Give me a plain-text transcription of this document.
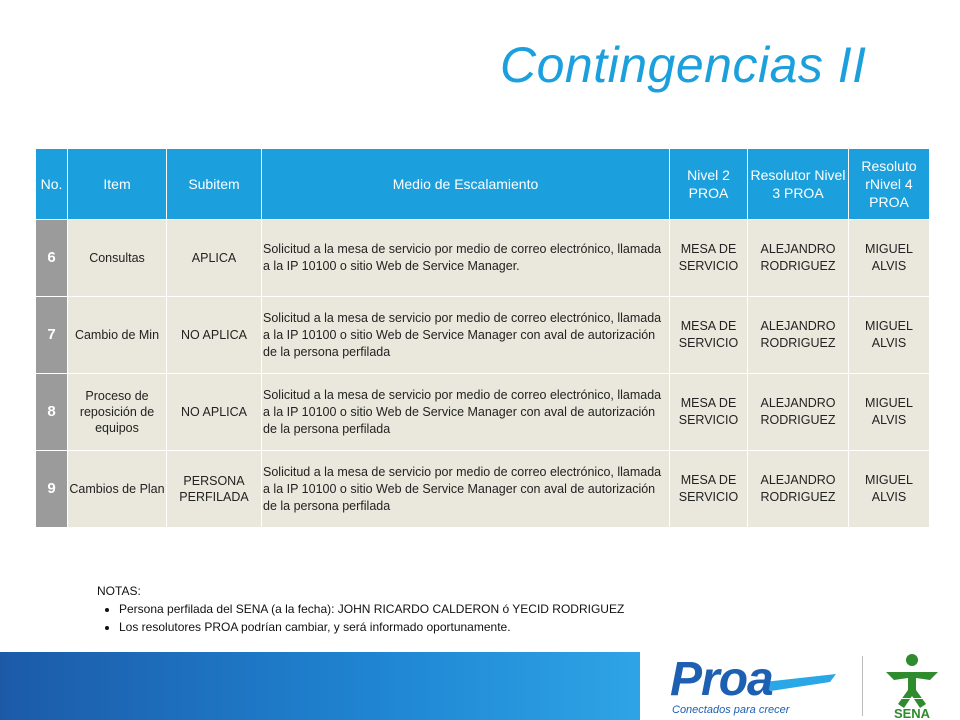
Contingencias II
No.	Item	Subitem	Medio de Escalamiento	Nivel 2 PROA	Resolutor Nivel 3 PROA	Resoluto rNivel 4 PROA
6	Consultas	APLICA	Solicitud a la mesa de servicio por medio de correo electrónico, llamada a la IP 10100 o sitio Web de Service Manager.	MESA DE SERVICIO	ALEJANDRO RODRIGUEZ	MIGUEL ALVIS
7	Cambio de Min	NO APLICA	Solicitud a la mesa de servicio por medio de correo electrónico, llamada a la IP 10100 o sitio Web de Service Manager con aval de autorización de la persona perfilada	MESA DE SERVICIO	ALEJANDRO RODRIGUEZ	MIGUEL ALVIS
8	Proceso de reposición de equipos	NO APLICA	Solicitud a la mesa de servicio por medio de correo electrónico, llamada a la IP 10100 o sitio Web de Service Manager con aval de autorización de la persona perfilada	MESA DE SERVICIO	ALEJANDRO RODRIGUEZ	MIGUEL ALVIS
9	Cambios de Plan	PERSONA PERFILADA	Solicitud a la mesa de servicio por medio de correo electrónico, llamada a la IP 10100 o sitio Web de Service Manager con aval de autorización de la persona perfilada	MESA DE SERVICIO	ALEJANDRO RODRIGUEZ	MIGUEL ALVIS
NOTAS:
• Persona perfilada del SENA (a la fecha): JOHN RICARDO CALDERON ó YECID RODRIGUEZ
• Los resolutores PROA podrían cambiar, y será informado oportunamente.
Proa
Conectados para crecer	SENA
